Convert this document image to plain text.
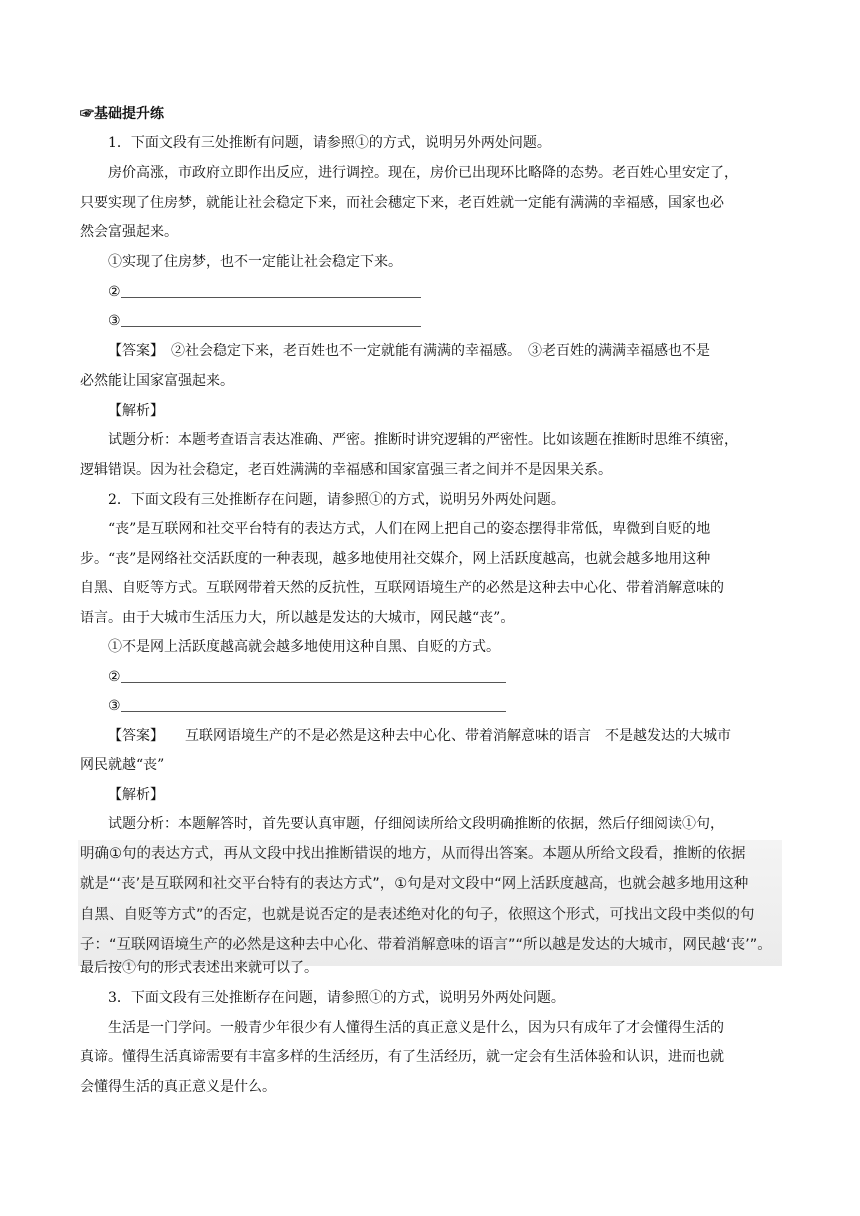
☞基础提升练
1．下面文段有三处推断有问题，请参照①的方式，说明另外两处问题。
房价高涨，市政府立即作出反应，进行调控。现在，房价已出现环比略降的态势。老百姓心里安定了，
只要实现了住房梦，就能让社会稳定下来，而社会穗定下来，老百姓就一定能有满满的幸福感，国家也必
然会富强起来。
①实现了住房梦，也不一定能让社会稳定下来。
②
③
【答案】　 ②社会稳定下来，老百姓也不一定就能有满满的幸福感。　③老百姓的满满幸福感也不是
必然能让国家富强起来。
【解析】
试题分析：本题考查语言表达准确、严密。推断时讲究逻辑的严密性。比如该题在推断时思维不缜密，
逻辑错误。因为社会稳定，老百姓满满的幸福感和国家富强三者之间并不是因果关系。
2．下面文段有三处推断存在问题，请参照①的方式，说明另外两处问题。
“丧”是互联网和社交平台特有的表达方式，人们在网上把自己的姿态摆得非常低，卑微到自贬的地
步。“丧”是网络社交活跃度的一种表现，越多地使用社交媒介，网上活跃度越高，也就会越多地用这种
自黑、自贬等方式。互联网带着天然的反抗性，互联网语境生产的必然是这种去中心化、带着消解意味的
语言。由于大城市生活压力大，所以越是发达的大城市，网民越“丧”。
①不是网上活跃度越高就会越多地使用这种自黑、自贬的方式。
②
③
【答案】　　互联网语境生产的不是必然是这种去中心化、带着消解意味的语言　不是越发达的大城市
网民就越“丧”
【解析】
试题分析：本题解答时，首先要认真审题，仔细阅读所给文段明确推断的依据，然后仔细阅读①句，
明确①句的表达方式，再从文段中找出推断错误的地方，从而得出答案。本题从所给文段看，推断的依据
就是“‘丧’是互联网和社交平台特有的表达方式”，①句是对文段中“网上活跃度越高，也就会越多地用这种
自黑、自贬等方式”的否定，也就是说否定的是表述绝对化的句子，依照这个形式，可找出文段中类似的句
子：“互联网语境生产的必然是这种去中心化、带着消解意味的语言”“所以越是发达的大城市，网民越‘丧’”。
最后按①句的形式表述出来就可以了。
3．下面文段有三处推断存在问题，请参照①的方式，说明另外两处问题。
生活是一门学问。一般青少年很少有人懂得生活的真正意义是什么，因为只有成年了才会懂得生活的
真谛。懂得生活真谛需要有丰富多样的生活经历，有了生活经历，就一定会有生活体验和认识，进而也就
会懂得生活的真正意义是什么。
